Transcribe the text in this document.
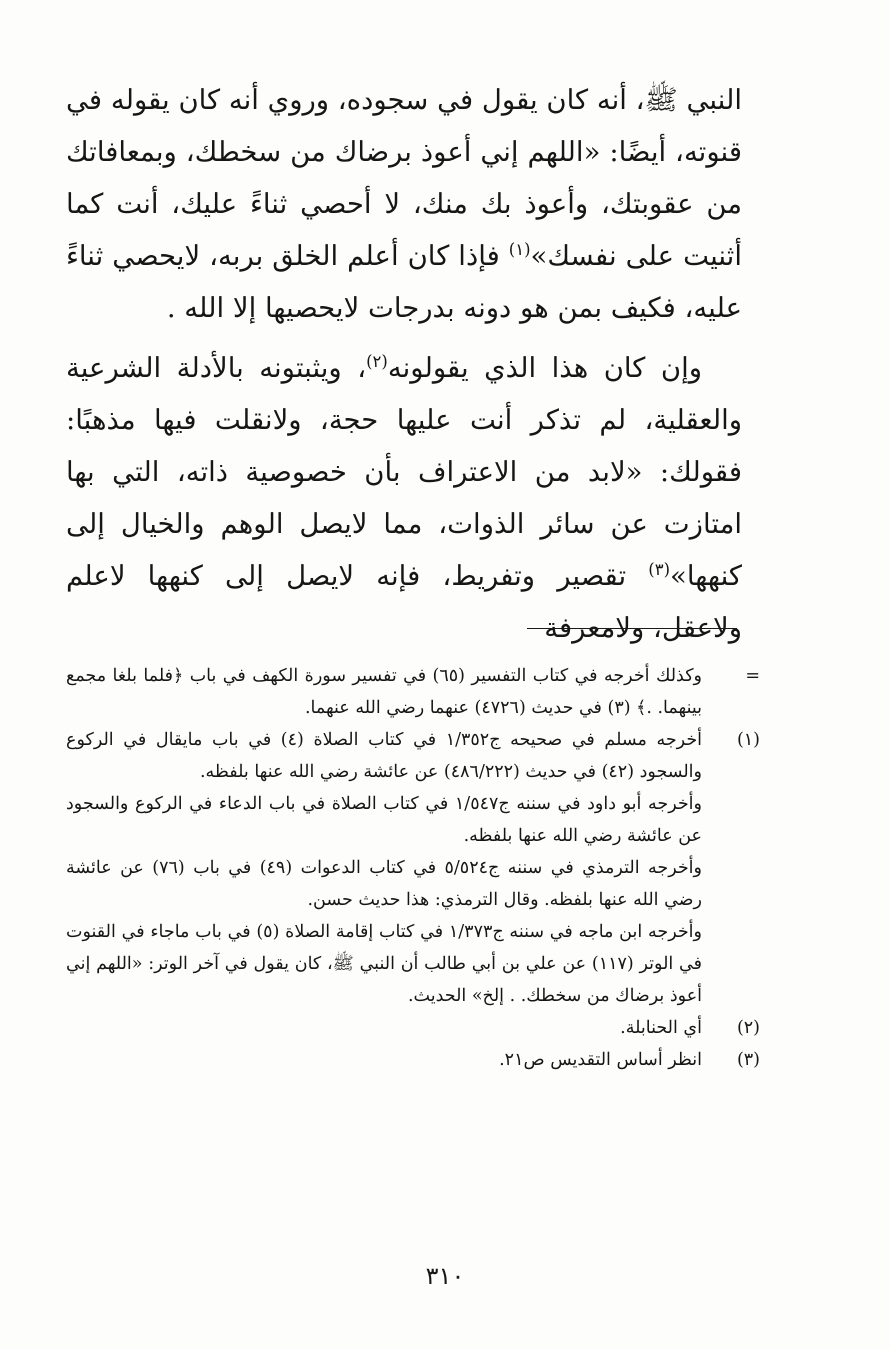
النبي ﷺ، أنه كان يقول في سجوده، وروي أنه كان يقوله في قنوته، أيضًا: «اللهم إني أعوذ برضاك من سخطك، وبمعافاتك من عقوبتك، وأعوذ بك منك، لا أحصي ثناءً عليك، أنت كما أثنيت على نفسك»$^{(١)}$ فإذا كان أعلم الخلق بربه، لايحصي ثناءً عليه، فكيف بمن هو دونه بدرجات لايحصيها إلا الله .

وإن كان هذا الذي يقولونه$^{(٢)}$، ويثبتونه بالأدلة الشرعية والعقلية، لم تذكر أنت عليها حجة، ولانقلت فيها مذهبًا: فقولك: «لابد من الاعتراف بأن خصوصية ذاته، التي بها امتازت عن سائر الذوات، مما لايصل الوهم والخيال إلى كنهها»$^{(٣)}$ تقصير وتفريط، فإنه لايصل إلى كنهها لاعلم ولاعقل، ولامعرفة

=
وكذلك أخرجه في كتاب التفسير (٦٥) في تفسير سورة الكهف في باب ﴿فلما بلغا مجمع بينهما. .﴾ (٣) في حديث (٤٧٢٦) عنهما رضي الله عنهما.
(١)
أخرجه مسلم في صحيحه ج١/٣٥٢ في كتاب الصلاة (٤) في باب مايقال في الركوع والسجود (٤٢) في حديث (٤٨٦/٢٢٢) عن عائشة رضي الله عنها بلفظه.
وأخرجه أبو داود في سننه ج١/٥٤٧ في كتاب الصلاة في باب الدعاء في الركوع والسجود عن عائشة رضي الله عنها بلفظه.
وأخرجه الترمذي في سننه ج٥/٥٢٤ في كتاب الدعوات (٤٩) في باب (٧٦) عن عائشة رضي الله عنها بلفظه. وقال الترمذي: هذا حديث حسن.
وأخرجه ابن ماجه في سننه ج١/٣٧٣ في كتاب إقامة الصلاة (٥) في باب ماجاء في القنوت في الوتر (١١٧) عن علي بن أبي طالب أن النبي ﷺ، كان يقول في آخر الوتر: «اللهم إني أعوذ برضاك من سخطك. . إلخ» الحديث.
(٢)
أي الحنابلة.
(٣)
انظر أساس التقديس ص٢١.
٣١٠
